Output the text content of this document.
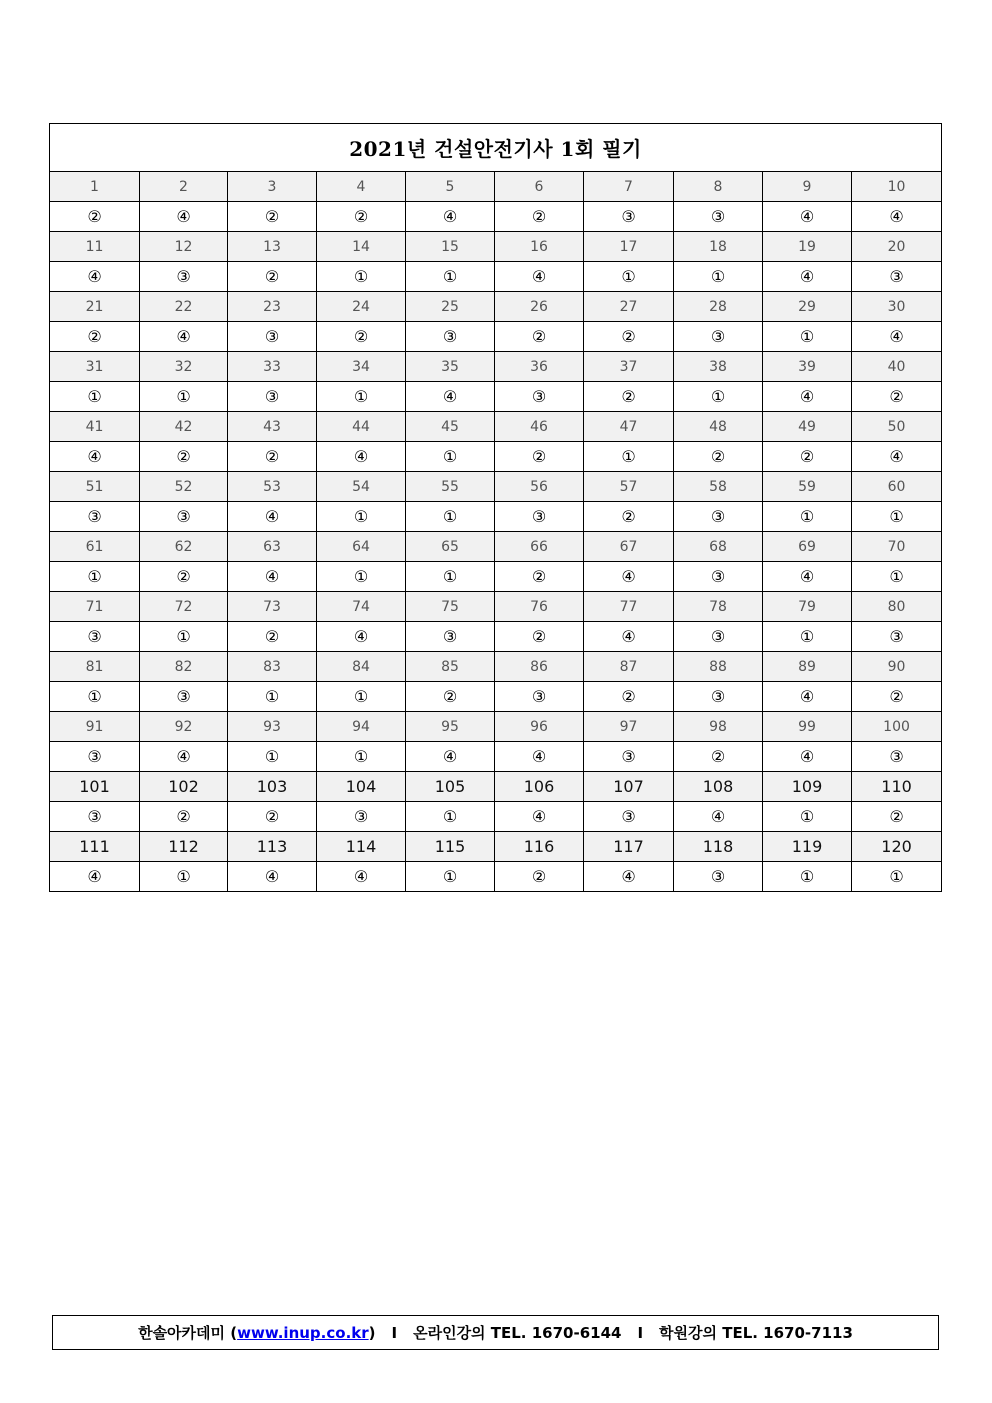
2021년 건설안전기사 1회 필기									
1	2	3	4	5	6	7	8	9	10
②	④	②	②	④	②	③	③	④	④
11	12	13	14	15	16	17	18	19	20
④	③	②	①	①	④	①	①	④	③
21	22	23	24	25	26	27	28	29	30
②	④	③	②	③	②	②	③	①	④
31	32	33	34	35	36	37	38	39	40
①	①	③	①	④	③	②	①	④	②
41	42	43	44	45	46	47	48	49	50
④	②	②	④	①	②	①	②	②	④
51	52	53	54	55	56	57	58	59	60
③	③	④	①	①	③	②	③	①	①
61	62	63	64	65	66	67	68	69	70
①	②	④	①	①	②	④	③	④	①
71	72	73	74	75	76	77	78	79	80
③	①	②	④	③	②	④	③	①	③
81	82	83	84	85	86	87	88	89	90
①	③	①	①	②	③	②	③	④	②
91	92	93	94	95	96	97	98	99	100
③	④	①	①	④	④	③	②	④	③
101	102	103	104	105	106	107	108	109	110
③	②	②	③	①	④	③	④	①	②
111	112	113	114	115	116	117	118	119	120
④	①	④	④	①	②	④	③	①	①
한솔아카데미
( www.inup.co.kr ) I 온라인강의 TEL. 1670-6144 I 학원강의 TEL. 1670-7113
